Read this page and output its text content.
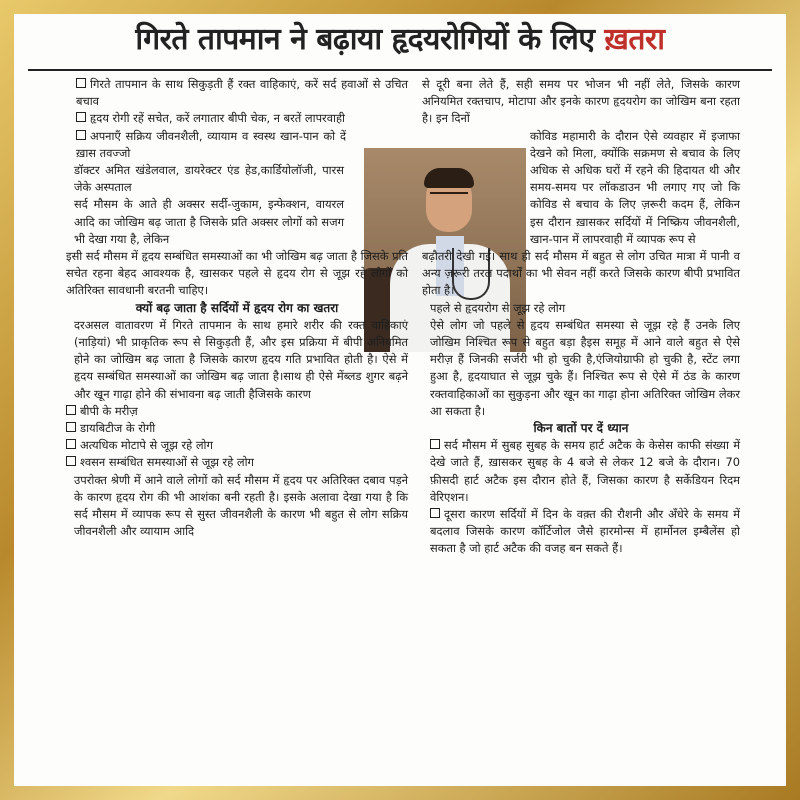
गिरते तापमान ने बढ़ाया हृदयरोगियों के लिए ख़तरा

गिरते तापमान के साथ सिकुड़ती हैं रक्त वाहिकाएं, करें सर्द हवाओं से उचित बचाव

हृदय रोगी रहें सचेत, करें लगातार बीपी चेक, न बरतें लापरवाही

अपनाएँ सक्रिय जीवनशैली, व्यायाम व स्वस्थ खान-पान को दें ख़ास तवज्जो

डॉक्टर अमित खंडेलवाल, डायरेक्टर एंड हेड,कार्डियोलॉजी, पारस जेके अस्पताल

सर्द मौसम के आते ही अक्सर सर्दी-जुकाम, इन्फेक्शन, वायरल आदि का जोखिम बढ़ जाता है जिसके प्रति अक्सर लोगों को सजग भी देखा गया है, लेकिन

इसी सर्द मौसम में हृदय सम्बंधित समस्याओं का भी जोखिम बढ़ जाता है जिसके प्रति सचेत रहना बेहद आवश्यक है, खासकर पहले से हृदय रोग से जूझ रहे लोगों को अतिरिक्त सावधानी बरतनी चाहिए।

क्यों बढ़ जाता है सर्दियों में हृदय रोग का खतरा

दरअसल वातावरण में गिरते तापमान के साथ हमारे शरीर की रक्त वाहिकाएं (नाड़ियां) भी प्राकृतिक रूप से सिकुड़ती हैं, और इस प्रक्रिया में बीपी अनियमित होने का जोखिम बढ़ जाता है जिसके कारण हृदय गति प्रभावित होती है। ऐसे में हृदय सम्बंधित समस्याओं का जोखिम बढ़ जाता है।साथ ही ऐसे मेंब्लड शुगर बढ़ने और खून गाढ़ा होने की संभावना बढ़ जाती हैजिसके कारण

बीपी के मरीज़

डायबिटीज के रोगी

अत्यधिक मोटापे से जूझ रहे लोग

श्वसन सम्बंधित समस्याओं से जूझ रहे लोग

उपरोक्त श्रेणी में आने वाले लोगों को सर्द मौसम में हृदय पर अतिरिक्त दबाव पड़ने के कारण हृदय रोग की भी आशंका बनी रहती है। इसके अलावा देखा गया है कि सर्द मौसम में व्यापक रूप से सुस्त जीवनशैली के कारण भी बहुत से लोग सक्रिय जीवनशैली और व्यायाम आदि

से दूरी बना लेते हैं, सही समय पर भोजन भी नहीं लेते, जिसके कारण अनियमित रक्तचाप, मोटापा और इनके कारण हृदयरोग का जोखिम बना रहता है। इन दिनों

कोविड महामारी के दौरान ऐसे व्यवहार में इजाफा देखने को मिला, क्योंकि सक्रमण से बचाव के लिए अधिक से अधिक घरों में रहने की हिदायत थी और समय-समय पर लॉकडाउन भी लगाए गए जो कि कोविड से बचाव के लिए ज़रूरी कदम हैं, लेकिन इस दौरान ख़ासकर सर्दियों में निष्क्रिय जीवनशैली, खान-पान में लापरवाही में व्यापक रूप से

बढ़ौतरी देखी गई। साथ ही सर्द मौसम में बहुत से लोग उचित मात्रा में पानी व अन्य ज़रूरी तरल पदार्थों का भी सेवन नहीं करते जिसके कारण बीपी प्रभावित होता है।

पहले से हृदयरोग से जूझ रहे लोग

ऐसे लोग जो पहले से हृदय सम्बंधित समस्या से जूझ रहे हैं उनके लिए जोखिम निश्चित रूप से बहुत बड़ा हैइस समूह में आने वाले बहुत से ऐसे मरीज़ हैं जिनकी सर्जरी भी हो चुकी है,एंजियोग्राफी हो चुकी है, स्टेंट लगा हुआ है, हृदयाघात से जूझ चुके हैं। निश्चित रूप से ऐसे में ठंड के कारण रक्तवाहिकाओं का सुकुड़ना और खून का गाढ़ा होना अतिरिक्त जोखिम लेकर आ सकता है।

किन बातों पर दें ध्यान

सर्द मौसम में सुबह सुबह के समय हार्ट अटैक के केसेस काफी संख्या में देखे जाते हैं, ख़ासकर सुबह के 4 बजे से लेकर 12 बजे के दौरान। 70 फ़ीसदी हार्ट अटैक इस दौरान होते हैं, जिसका कारण है सर्केडियन रिदम वेरिएशन।

दूसरा कारण सर्दियों में दिन के वक़्त की रौशनी और अँधेरे के समय में बदलाव जिसके कारण कॉर्टिजोल जैसे हारमोन्स में हार्मोनल इम्बैलेंस हो सकता है जो हार्ट अटैक की वजह बन सकते हैं।
